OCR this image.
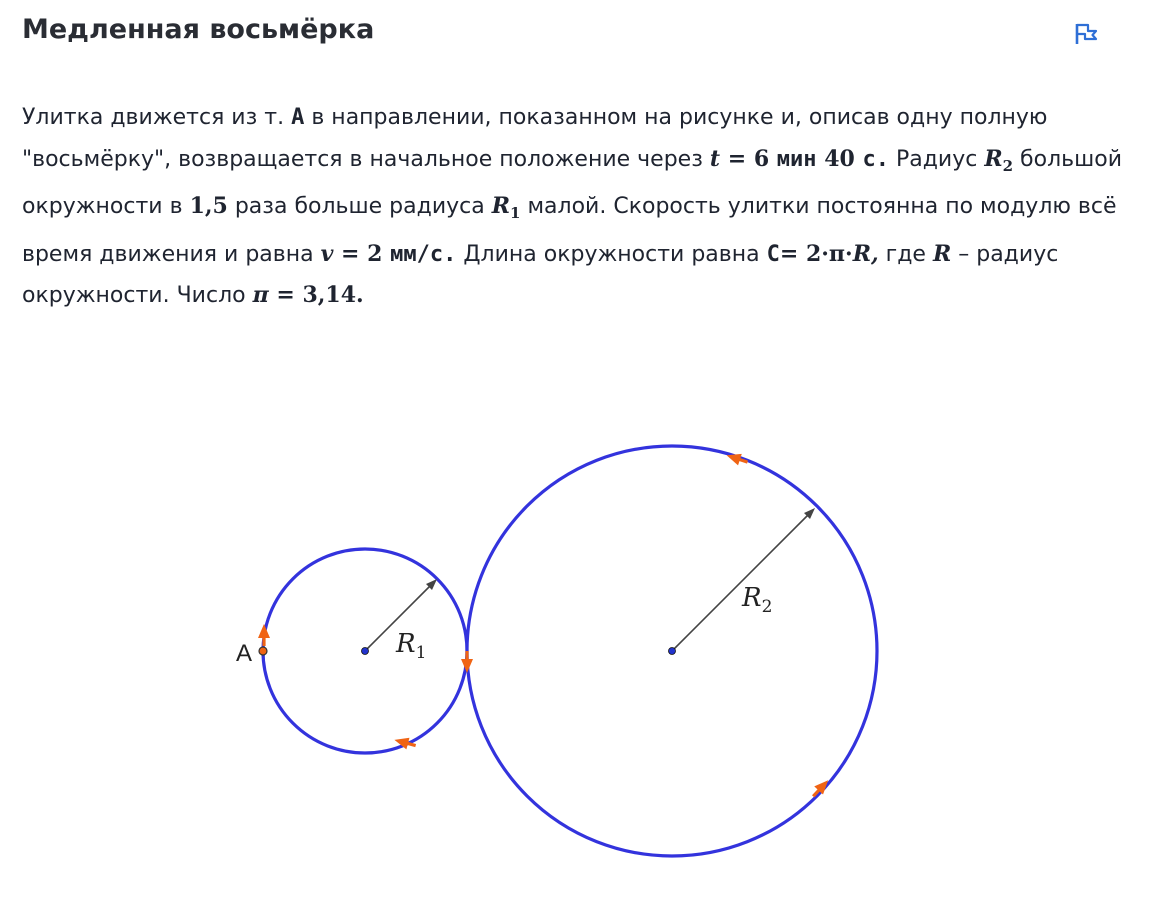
Медленная восьмёрка
Улитка движется из т. A в направлении, показанном на рисунке и, описав одну полную "восьмёрку", возвращается в начальное положение через t = 6 мин 40 с. Радиус $R_2$ большой окружности в 1,5 раза больше радиуса $R_1$ малой. Скорость улитки постоянна по модулю всё время движения и равна v = 2 мм/с. Длина окружности равна C= 2·π·R, где R – радиус окружности. Число π = 3,14.
A	$R_1$
$R_2$
